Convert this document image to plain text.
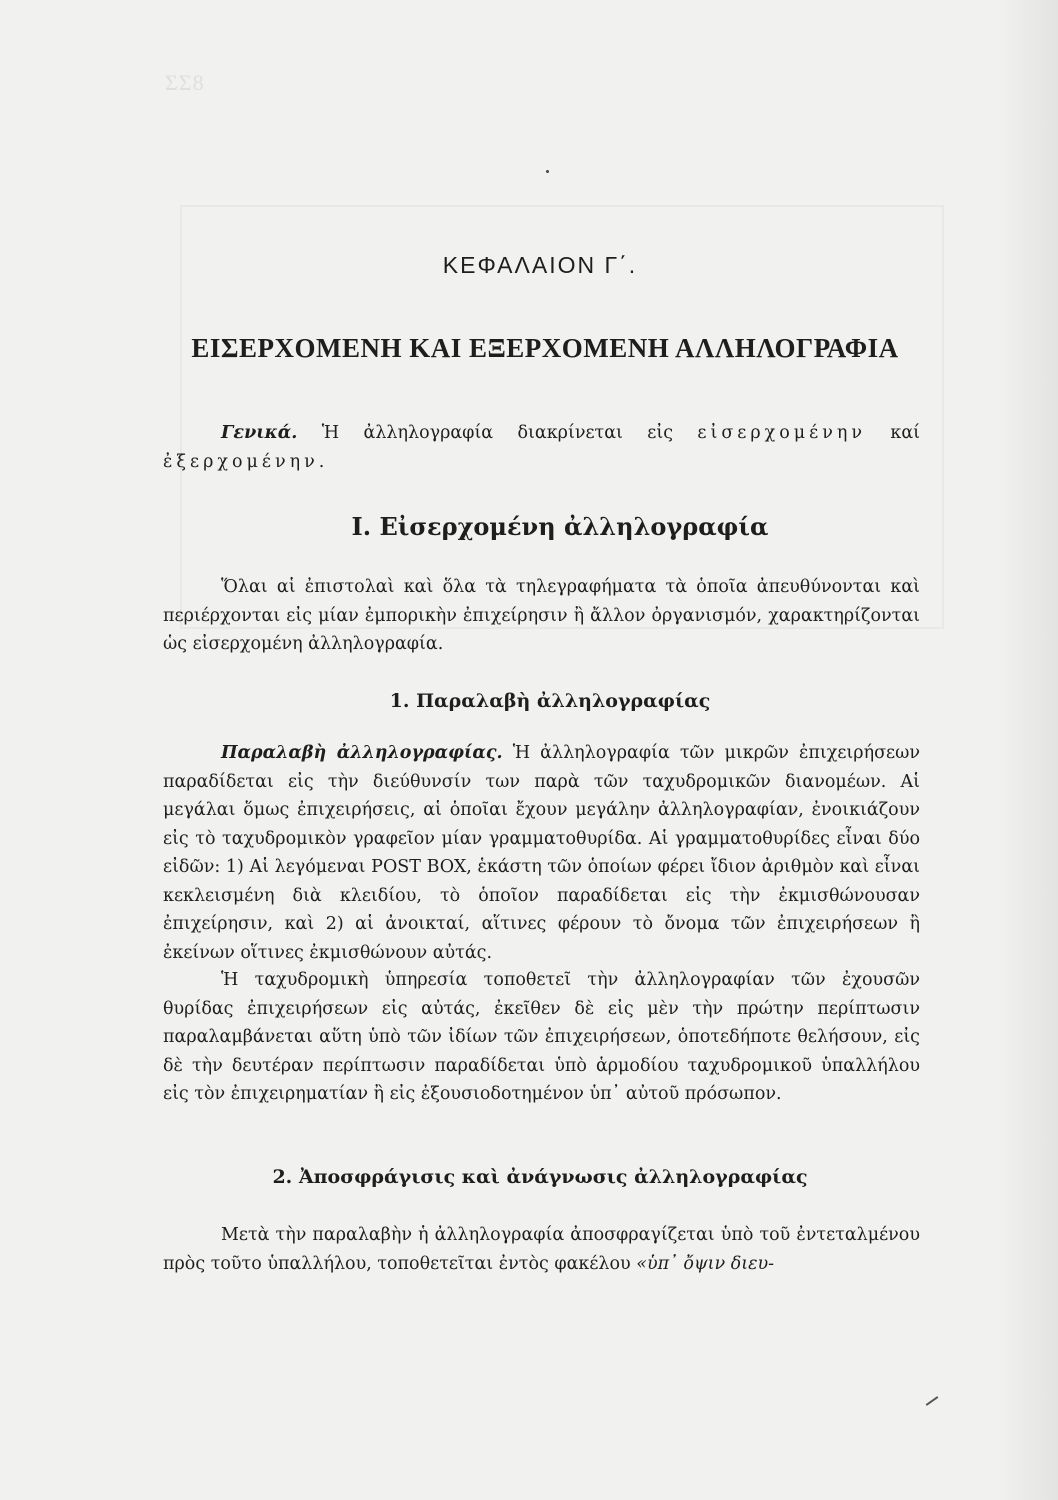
ΣΣ8
ΚΕΦΑΛΑΙΟΝ Γ΄.
ΕΙΣΕΡΧΟΜΕΝΗ ΚΑΙ ΕΞΕΡΧΟΜΕΝΗ ΑΛΛΗΛΟΓΡΑΦΙΑ

Γενικά. Ἡ ἀλληλογραφία διακρίνεται εἰς εἰσερχομένην καί ἐξερχομένην.

Ι. Εἰσερχομένη ἀλληλογραφία

Ὅλαι αἱ ἐπιστολαὶ καὶ ὅλα τὰ τηλεγραφήματα τὰ ὁποῖα ἀπευθύνονται καὶ περιέρχονται εἰς μίαν ἐμπορικὴν ἐπιχείρησιν ἢ ἄλλον ὀργανισμόν, χαρακτηρίζονται ὡς εἰσερχομένη ἀλληλογραφία.

1. Παραλαβὴ ἀλληλογραφίας

Παραλαβὴ ἀλληλογραφίας. Ἡ ἀλληλογραφία τῶν μικρῶν ἐπιχειρήσεων παραδίδεται εἰς τὴν διεύθυνσίν των παρὰ τῶν ταχυδρομικῶν διανομέων. Αἱ μεγάλαι ὅμως ἐπιχειρήσεις, αἱ ὁποῖαι ἔχουν μεγάλην ἀλληλογραφίαν, ἐνοικιάζουν εἰς τὸ ταχυδρομικὸν γραφεῖον μίαν γραμματοθυρίδα. Αἱ γραμματοθυρίδες εἶναι δύο εἰδῶν: 1) Αἱ λεγόμεναι POST BOX, ἑκάστη τῶν ὁποίων φέρει ἴδιον ἀριθμὸν καὶ εἶναι κεκλεισμένη διὰ κλειδίου, τὸ ὁποῖον παραδίδεται εἰς τὴν ἐκμισθώνουσαν ἐπιχείρησιν, καὶ 2) αἱ ἀνοικταί, αἵτινες φέρουν τὸ ὄνομα τῶν ἐπιχειρήσεων ἢ ἐκείνων οἵτινες ἐκμισθώνουν αὐτάς.

Ἡ ταχυδρομικὴ ὑπηρεσία τοποθετεῖ τὴν ἀλληλογραφίαν τῶν ἐχουσῶν θυρίδας ἐπιχειρήσεων εἰς αὐτάς, ἐκεῖθεν δὲ εἰς μὲν τὴν πρώτην περίπτωσιν παραλαμβάνεται αὕτη ὑπὸ τῶν ἰδίων τῶν ἐπιχειρήσεων, ὁποτεδήποτε θελήσουν, εἰς δὲ τὴν δευτέραν περίπτωσιν παραδίδεται ὑπὸ ἁρμοδίου ταχυδρομικοῦ ὑπαλλήλου εἰς τὸν ἐπιχειρηματίαν ἢ εἰς ἐξουσιοδοτημένον ὑπ᾿ αὐτοῦ πρόσωπον.

2. Ἀποσφράγισις καὶ ἀνάγνωσις ἀλληλογραφίας

Μετὰ τὴν παραλαβὴν ἡ ἀλληλογραφία ἀποσφραγίζεται ὑπὸ τοῦ ἐντεταλμένου πρὸς τοῦτο ὑπαλλήλου, τοποθετεῖται ἐντὸς φακέλου «ὑπ᾿ ὄψιν διευ-
